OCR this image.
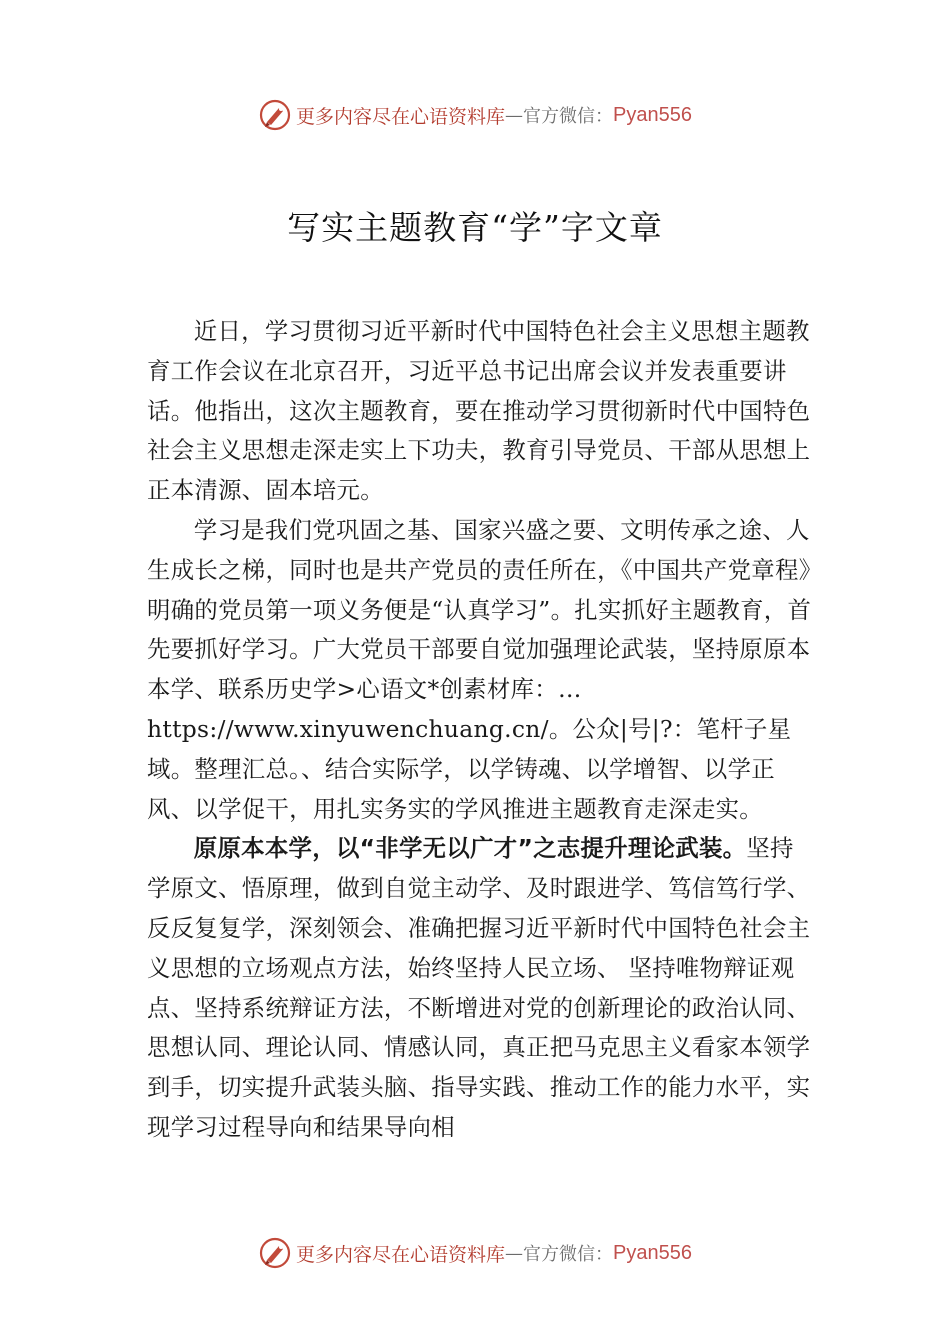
更多内容尽在心语资料库 — 官方微信： Pyan556
写实主题教育“学”字文章

近日，学习贯彻习近平新时代中国特色社会主义思想主题教育工作会议在北京召开，习近平总书记出席会议并发表重要讲话。他指出，这次主题教育，要在推动学习贯彻新时代中国特色社会主义思想走深走实上下功夫，教育引导党员、干部从思想上正本清源、固本培元。

学习是我们党巩固之基、国家兴盛之要、文明传承之途、人生成长之梯，同时也是共产党员的责任所在，《中国共产党章程》明确的党员第一项义务便是“认真学习”。扎实抓好主题教育，首先要抓好学习。广大党员干部要自觉加强理论武装，坚持原原本本学、联系历史学>心语文*创素材库：…https://www.xinyuwenchuang.cn/。公众|号|?：笔杆子星域。整理汇总。、结合实际学，以学铸魂、以学增智、以学正风、以学促干，用扎实务实的学风推进主题教育走深走实。

原原本本学，以“非学无以广才”之志提升理论武装。坚持学原文、悟原理，做到自觉主动学、及时跟进学、笃信笃行学、反反复复学，深刻领会、准确把握习近平新时代中国特色社会主义思想的立场观点方法，始终坚持人民立场、 坚持唯物辩证观点、坚持系统辩证方法，不断增进对党的创新理论的政治认同、思想认同、理论认同、情感认同，真正把马克思主义看家本领学到手，切实提升武装头脑、指导实践、推动工作的能力水平，实现学习过程导向和结果导向相

更多内容尽在心语资料库 — 官方微信： Pyan556
